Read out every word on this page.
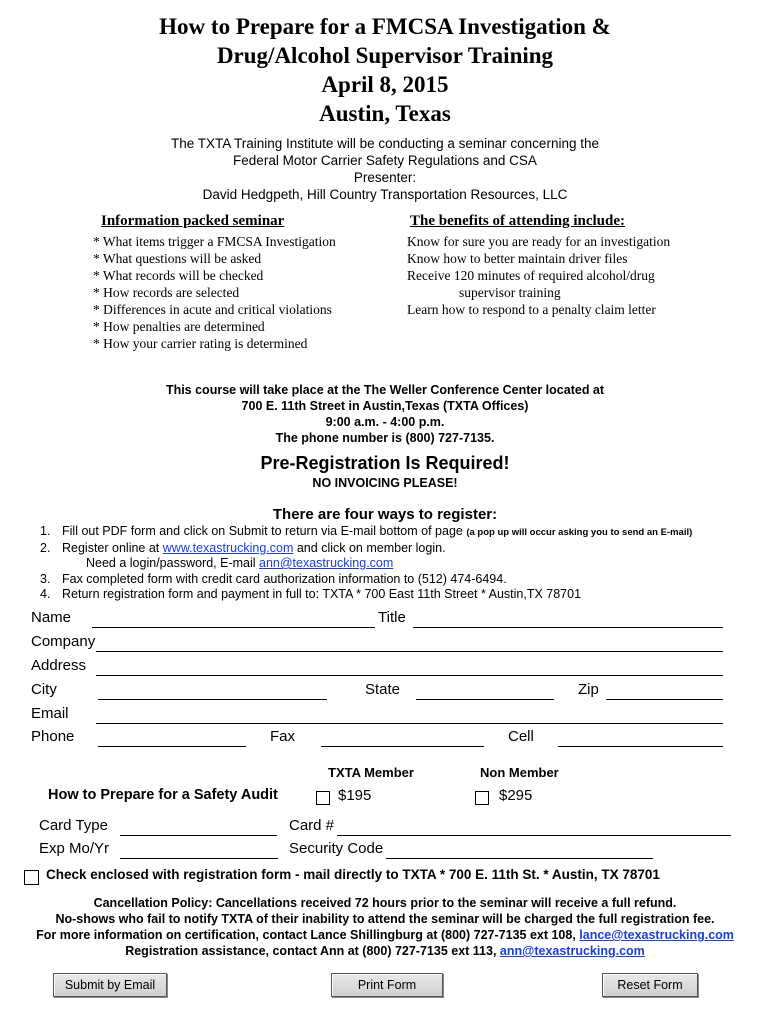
How to Prepare for a FMCSA Investigation &
Drug/Alcohol Supervisor Training
April 8, 2015
Austin, Texas
The TXTA Training Institute will be conducting a seminar concerning the
Federal Motor Carrier Safety Regulations and CSA
Presenter:
David Hedgpeth, Hill Country Transportation Resources, LLC
Information packed seminar
* What items trigger a FMCSA Investigation
* What questions will be asked
* What records will be checked
* How records are selected
* Differences in acute and critical violations
* How penalties are determined
* How your carrier rating is determined
The benefits of attending include:
Know for sure you are ready for an investigation
Know how to better maintain driver files
Receive 120 minutes of required alcohol/drug
supervisor training
Learn how to respond to a penalty claim letter
This course will take place at the The Weller Conference Center located at
700 E. 11th Street in Austin,Texas (TXTA Offices)
9:00 a.m. - 4:00 p.m.
The phone number is (800) 727-7135.
Pre-Registration Is Required!
NO INVOICING PLEASE!
There are four ways to register:
1. Fill out PDF form and click on Submit to return via E-mail bottom of page (a pop up will occur asking you to send an E-mail)
2. Register online at www.texastrucking.com and click on member login.
Need a login/password, E-mail ann@texastrucking.com
3. Fax completed form with credit card authorization information to (512) 474-6494.
4. Return registration form and payment in full to: TXTA * 700 East 11th Street * Austin,TX 78701
Name	Title
Company
Address
City	State	Zip
Email
Phone	Fax	Cell
TXTA Member	Non Member
How to Prepare for a Safety Audit	$195	$295
Card Type	Card #
Exp Mo/Yr	Security Code
Check enclosed with registration form - mail directly to TXTA * 700 E. 11th St. * Austin, TX 78701
Cancellation Policy: Cancellations received 72 hours prior to the seminar will receive a full refund.
No-shows who fail to notify TXTA of their inability to attend the seminar will be charged the full registration fee.
For more information on certification, contact Lance Shillingburg at (800) 727-7135 ext 108, lance@texastrucking.com
Registration assistance, contact Ann at (800) 727-7135 ext 113, ann@texastrucking.com
Submit by Email	Print Form	Reset Form
